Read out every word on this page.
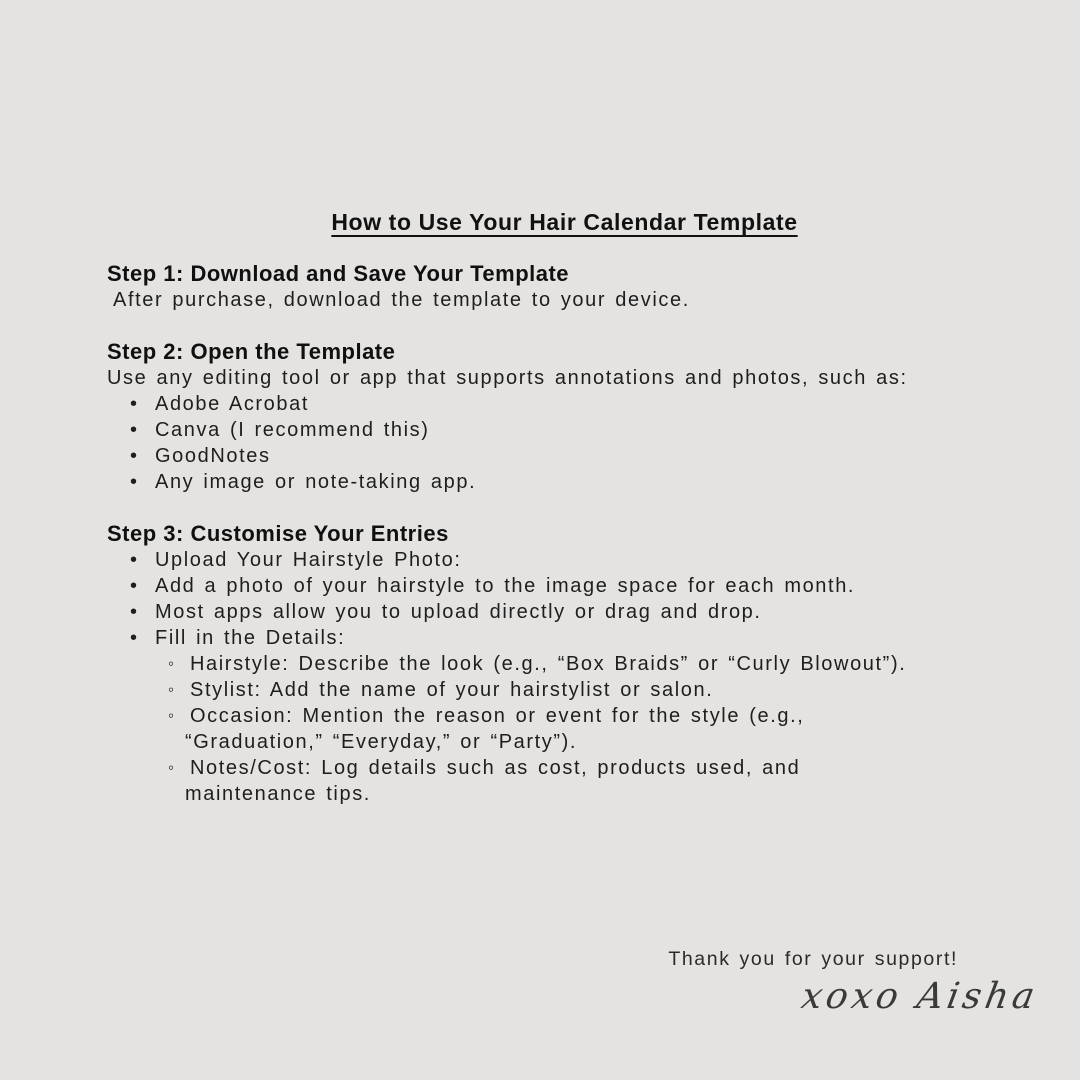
How to Use Your Hair Calendar Template
Step 1: Download and Save Your Template

After purchase, download the template to your device.

Step 2: Open the Template

Use any editing tool or app that supports annotations and photos, such as:

• Adobe Acrobat
• Canva (I recommend this)
• GoodNotes
• Any image or note-taking app.
Step 3: Customise Your Entries
• Upload Your Hairstyle Photo:
• Add a photo of your hairstyle to the image space for each month.
• Most apps allow you to upload directly or drag and drop.
• Fill in the Details:
◦ Hairstyle: Describe the look (e.g., “Box Braids” or “Curly Blowout”).
◦ Stylist: Add the name of your hairstylist or salon.
◦ Occasion: Mention the reason or event for the style (e.g.,
“Graduation,” “Everyday,” or “Party”).
◦ Notes/Cost: Log details such as cost, products used, and
maintenance tips.
Thank you for your support!
xoxo Aisha
